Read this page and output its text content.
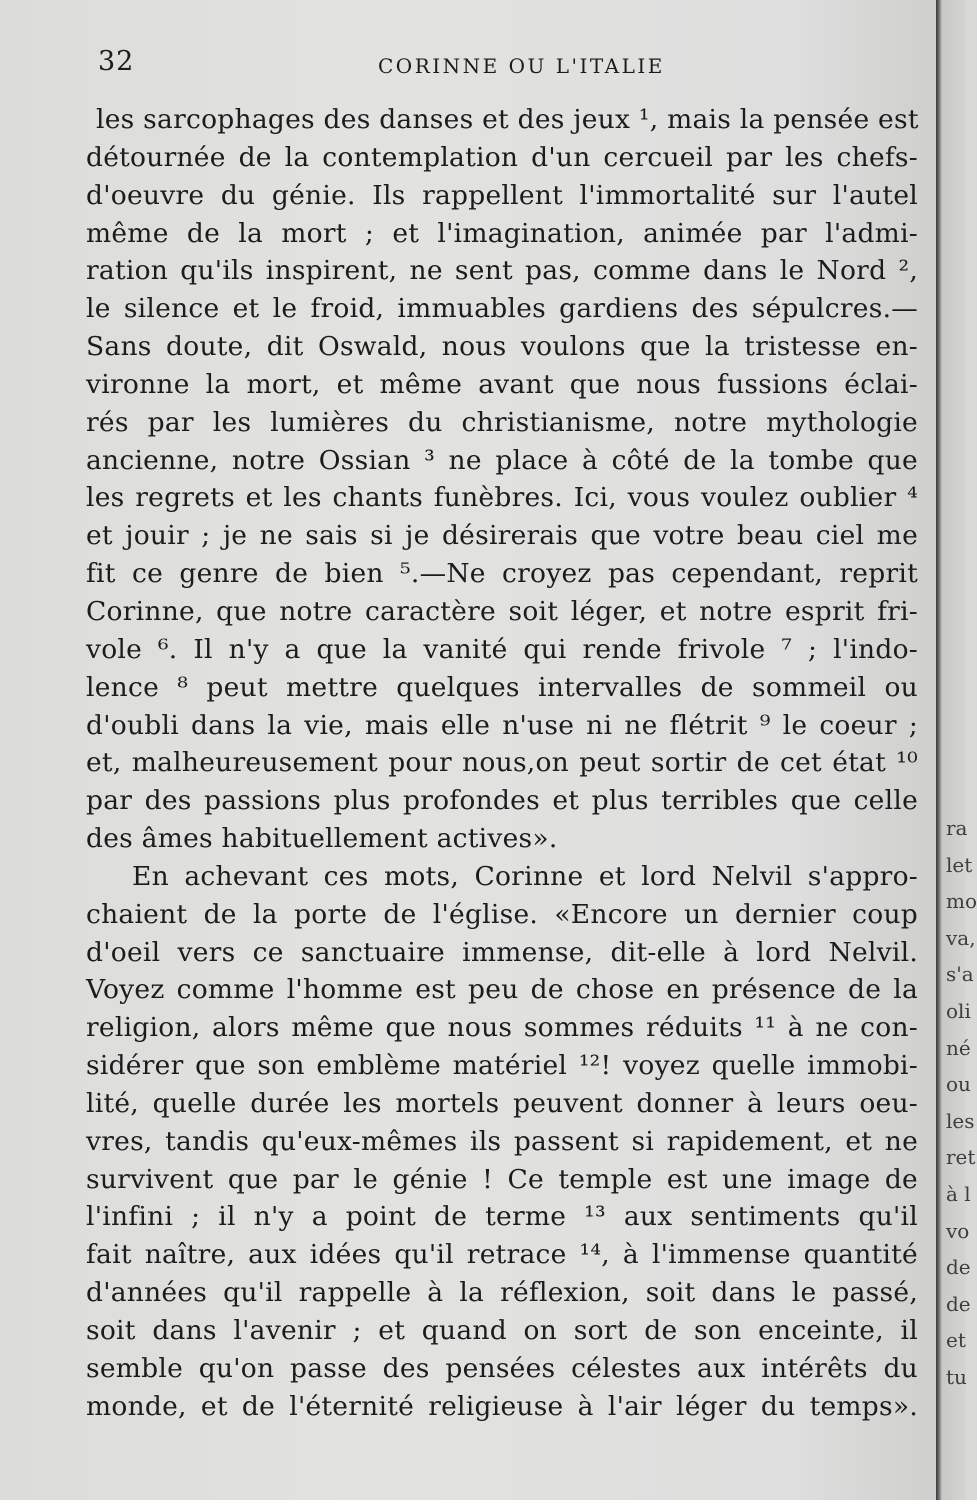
32	CORINNE OU L'ITALIE
les sarcophages des danses et des jeux ¹, mais la pensée est
détournée de la contemplation d'un cercueil par les chefs-
d'oeuvre du génie. Ils rappellent l'immortalité sur l'autel
même de la mort ; et l'imagination, animée par l'admi-
ration qu'ils inspirent, ne sent pas, comme dans le Nord ²,
le silence et le froid, immuables gardiens des sépulcres.—
Sans doute, dit Oswald, nous voulons que la tristesse en-
vironne la mort, et même avant que nous fussions éclai-
rés par les lumières du christianisme, notre mythologie
ancienne, notre Ossian ³ ne place à côté de la tombe que
les regrets et les chants funèbres. Ici, vous voulez oublier ⁴
et jouir ; je ne sais si je désirerais que votre beau ciel me
fit ce genre de bien ⁵.—Ne croyez pas cependant, reprit
Corinne, que notre caractère soit léger, et notre esprit fri-
vole ⁶. Il n'y a que la vanité qui rende frivole ⁷ ; l'indo-
lence ⁸ peut mettre quelques intervalles de sommeil ou
d'oubli dans la vie, mais elle n'use ni ne flétrit ⁹ le coeur ;
et, malheureusement pour nous,on peut sortir de cet état ¹⁰
par des passions plus profondes et plus terribles que celle
des âmes habituellement actives».
En achevant ces mots, Corinne et lord Nelvil s'appro-
chaient de la porte de l'église. «Encore un dernier coup
d'oeil vers ce sanctuaire immense, dit-elle à lord Nelvil.
Voyez comme l'homme est peu de chose en présence de la
religion, alors même que nous sommes réduits ¹¹ à ne con-
sidérer que son emblème matériel ¹²! voyez quelle immobi-
lité, quelle durée les mortels peuvent donner à leurs oeu-
vres, tandis qu'eux-mêmes ils passent si rapidement, et ne
survivent que par le génie ! Ce temple est une image de
l'infini ; il n'y a point de terme ¹³ aux sentiments qu'il
fait naître, aux idées qu'il retrace ¹⁴, à l'immense quantité
d'années qu'il rappelle à la réflexion, soit dans le passé,
soit dans l'avenir ; et quand on sort de son enceinte, il
semble qu'on passe des pensées célestes aux intérêts du
monde, et de l'éternité religieuse à l'air léger du temps».
ra
let
mo
va,
s'a
oli
né
ou
les
ret
à l
vo
de
de
et
tu
